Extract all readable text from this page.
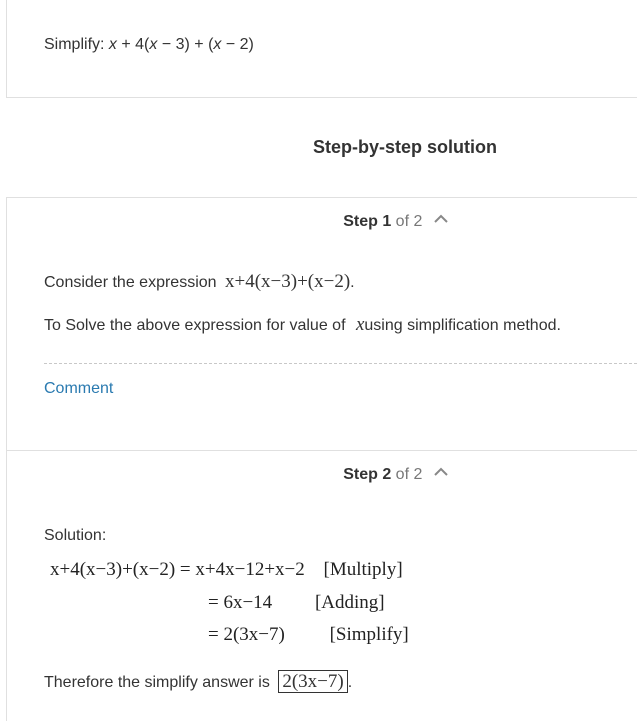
Simplify: x + 4(x − 3) + (x − 2)
Step-by-step solution
Step 1 of 2
Consider the expression x+4(x−3)+(x−2).
To Solve the above expression for value of xusing simplification method.
Comment
Step 2 of 2
Solution:
x+4(x−3)+(x−2) = x+4x−12+x−2 [Multiply]
= 6x−14 [Adding]
= 2(3x−7) [Simplify]
Therefore the simplify answer is 2(3x−7) .
